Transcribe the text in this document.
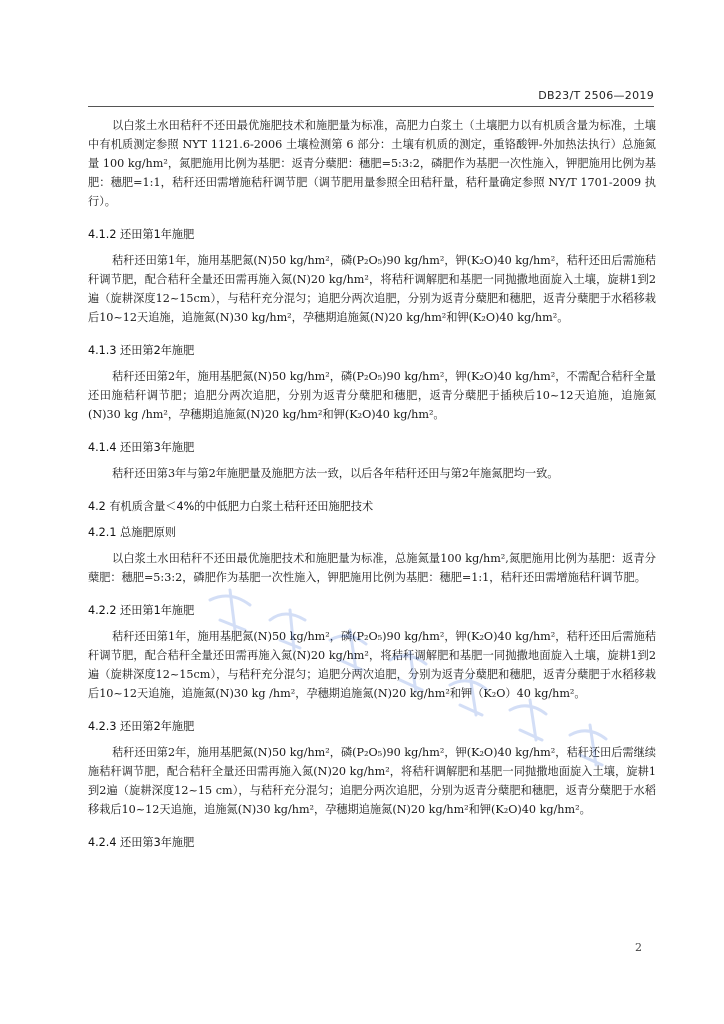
DB23/T 2506—2019

以白浆土水田秸秆不还田最优施肥技术和施肥量为标准，高肥力白浆土（土壤肥力以有机质含量为标准，土壤中有机质测定参照 NYT 1121.6-2006 土壤检测第 6 部分：土壤有机质的测定，重铬酸钾-外加热法执行）总施氮量 100 kg/hm²，氮肥施用比例为基肥：返青分蘖肥：穗肥=5:3:2，磷肥作为基肥一次性施入，钾肥施用比例为基肥：穗肥=1:1，秸秆还田需增施秸秆调节肥（调节肥用量参照全田秸秆量，秸秆量确定参照 NY/T 1701-2009 执行）。

4.1.2 还田第1年施肥

秸秆还田第1年，施用基肥氮(N)50 kg/hm²，磷(P₂O₅)90 kg/hm²，钾(K₂O)40 kg/hm²，秸秆还田后需施秸秆调节肥，配合秸秆全量还田需再施入氮(N)20 kg/hm²，将秸秆调解肥和基肥一同抛撒地面旋入土壤，旋耕1到2遍（旋耕深度12~15cm），与秸秆充分混匀；追肥分两次追肥，分别为返青分蘖肥和穗肥，返青分蘖肥于水稻移栽后10~12天追施，追施氮(N)30 kg/hm²，孕穗期追施氮(N)20 kg/hm²和钾(K₂O)40 kg/hm²。

4.1.3 还田第2年施肥

秸秆还田第2年，施用基肥氮(N)50 kg/hm²，磷(P₂O₅)90 kg/hm²，钾(K₂O)40 kg/hm²，不需配合秸秆全量还田施秸秆调节肥；追肥分两次追肥，分别为返青分蘖肥和穗肥，返青分蘖肥于插秧后10~12天追施，追施氮(N)30 kg /hm²，孕穗期追施氮(N)20 kg/hm²和钾(K₂O)40 kg/hm²。

4.1.4 还田第3年施肥

秸秆还田第3年与第2年施肥量及施肥方法一致，以后各年秸秆还田与第2年施氮肥均一致。

4.2 有机质含量＜4%的中低肥力白浆土秸秆还田施肥技术
4.2.1 总施肥原则

以白浆土水田秸秆不还田最优施肥技术和施肥量为标准，总施氮量100 kg/hm²,氮肥施用比例为基肥：返青分蘖肥：穗肥=5:3:2，磷肥作为基肥一次性施入，钾肥施用比例为基肥：穗肥=1:1，秸秆还田需增施秸秆调节肥。

4.2.2 还田第1年施肥

秸秆还田第1年，施用基肥氮(N)50 kg/hm²，磷(P₂O₅)90 kg/hm²，钾(K₂O)40 kg/hm²，秸秆还田后需施秸秆调节肥，配合秸秆全量还田需再施入氮(N)20 kg/hm²，将秸秆调解肥和基肥一同抛撒地面旋入土壤，旋耕1到2遍（旋耕深度12~15cm），与秸秆充分混匀；追肥分两次追肥，分别为返青分蘖肥和穗肥，返青分蘖肥于水稻移栽后10~12天追施，追施氮(N)30 kg /hm²，孕穗期追施氮(N)20 kg/hm²和钾（K₂O）40 kg/hm²。

4.2.3 还田第2年施肥

秸秆还田第2年，施用基肥氮(N)50 kg/hm²，磷(P₂O₅)90 kg/hm²，钾(K₂O)40 kg/hm²，秸秆还田后需继续施秸秆调节肥，配合秸秆全量还田需再施入氮(N)20 kg/hm²，将秸秆调解肥和基肥一同抛撒地面旋入土壤，旋耕1到2遍（旋耕深度12~15 cm），与秸秆充分混匀；追肥分两次追肥，分别为返青分蘖肥和穗肥，返青分蘖肥于水稻移栽后10~12天追施，追施氮(N)30 kg/hm²，孕穗期追施氮(N)20 kg/hm²和钾(K₂O)40 kg/hm²。

4.2.4 还田第3年施肥
2
